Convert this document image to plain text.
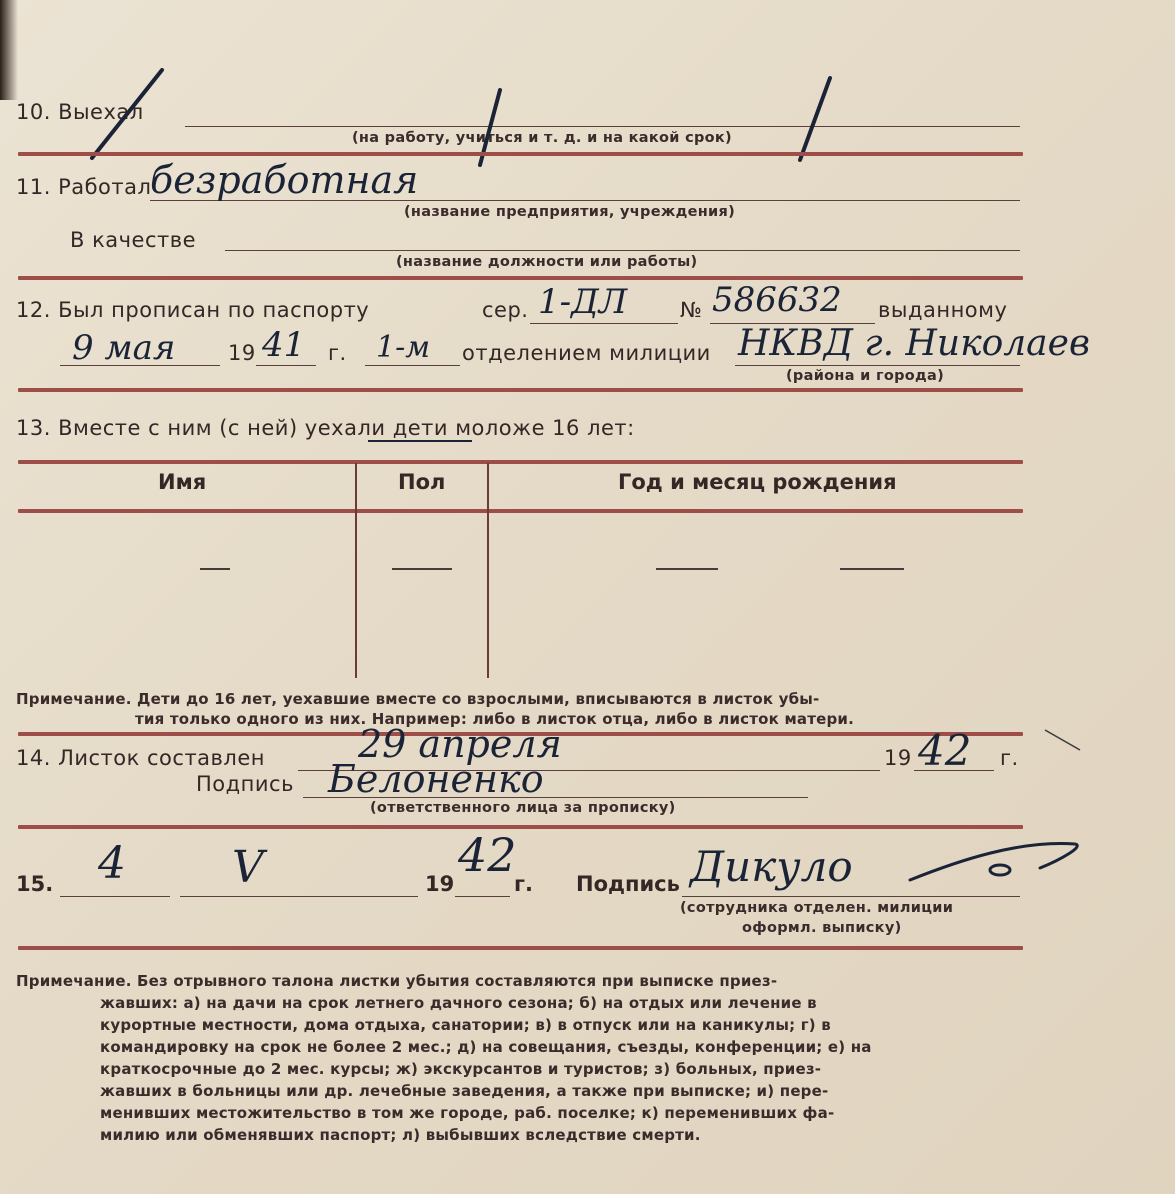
10. Выехал
(на работу, учиться и т. д. и на какой срок)
11. Работал
безработная
(название предприятия, учреждения)
В качестве
(название должности или работы)
12. Был прописан по паспорту	сер. 1-ДЛ	№ 586632 выданному
9 мая	19 41 г. 1-м отделением милиции НКВД г. Николаев
(района и города)
13. Вместе с ним (с ней) уехали дети моложе 16 лет:
Имя	Пол	Год и месяц рождения
Примечание. Дети до 16 лет, уехавшие вместе со взрослыми, вписываются в листок убы-
тия только одного из них. Например: либо в листок отца, либо в листок матери.
14. Листок составлен 29 апреля	19 42 г.
Подпись Белоненко
(ответственного лица за прописку)
15. 4 V	19
42
г. Подпись Дикуло
(сотрудника отделен. милиции
оформл. выписку)
Примечание. Без отрывного талона листки убытия составляются при выписке приез-
жавших: а) на дачи на срок летнего дачного сезона; б) на отдых или лечение в
курортные местности, дома отдыха, санатории; в) в отпуск или на каникулы; г) в
командировку на срок не более 2 мес.; д) на совещания, съезды, конференции; е) на
краткосрочные до 2 мес. курсы; ж) экскурсантов и туристов; з) больных, приез-
жавших в больницы или др. лечебные заведения, а также при выписке; и) пере-
менивших местожительство в том же городе, раб. поселке; к) переменивших фа-
милию или обменявших паспорт; л) выбывших вследствие смерти.
